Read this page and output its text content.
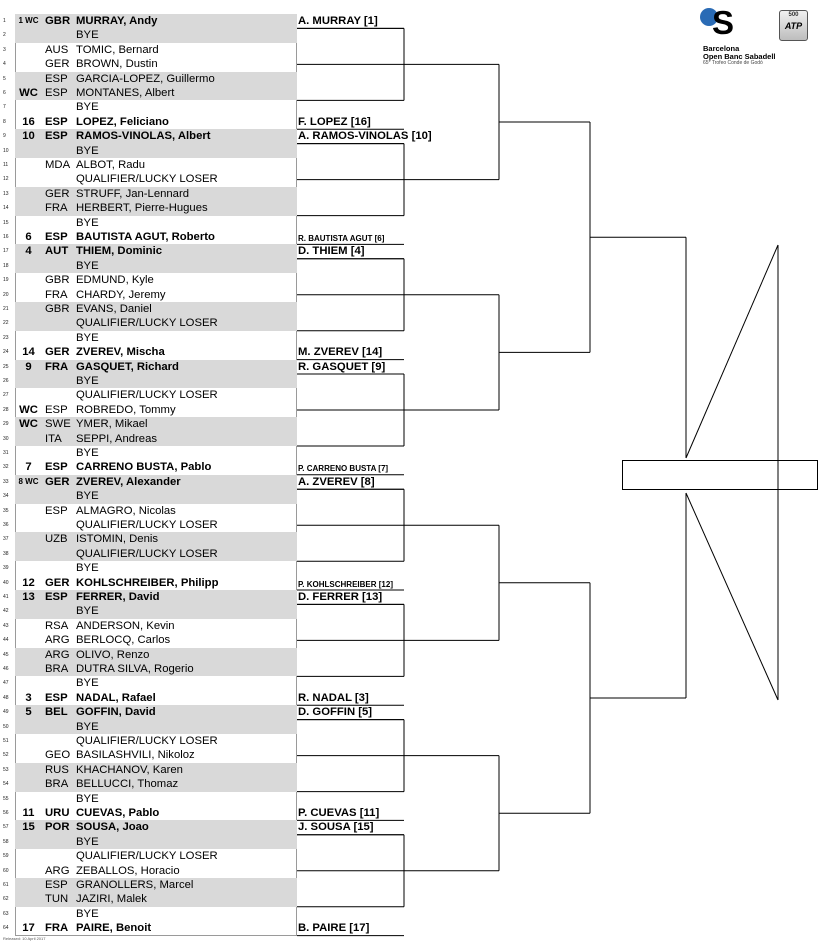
1	1 WC GBR MURRAY, Andy
2	BYE
3	AUS TOMIC, Bernard
4	GER BROWN, Dustin
5	ESP GARCIA-LOPEZ, Guillermo
6	WC ESP MONTANES, Albert
7	BYE
8	16 ESP LOPEZ, Feliciano
9	10 ESP RAMOS-VINOLAS, Albert
10	BYE
11	MDA ALBOT, Radu
12	QUALIFIER/LUCKY LOSER
13	GER STRUFF, Jan-Lennard
14	FRA HERBERT, Pierre-Hugues
15	BYE
16	6	ESP BAUTISTA AGUT, Roberto
17	4	AUT THIEM, Dominic
18	BYE
19	GBR EDMUND, Kyle
20	FRA CHARDY, Jeremy
21	GBR EVANS, Daniel
22	QUALIFIER/LUCKY LOSER
23	BYE
24	14 GER ZVEREV, Mischa
25	9	FRA GASQUET, Richard
26	BYE
27	QUALIFIER/LUCKY LOSER
28 WC ESP ROBREDO, Tommy
29 WC SWE YMER, Mikael
30	ITA	SEPPI, Andreas
31	BYE
32	7	ESP CARRENO BUSTA, Pablo
33	8 WC GER ZVEREV, Alexander
34	BYE
35	ESP ALMAGRO, Nicolas
36	QUALIFIER/LUCKY LOSER
37	UZB ISTOMIN, Denis
38	QUALIFIER/LUCKY LOSER
39	BYE
40	12 GER KOHLSCHREIBER, Philipp
41	13 ESP FERRER, David
42	BYE
43	RSA ANDERSON, Kevin
44	ARG BERLOCQ, Carlos
45	ARG OLIVO, Renzo
46	BRA DUTRA SILVA, Rogerio
47	BYE
48	3	ESP NADAL, Rafael
49	5	BEL GOFFIN, David
50	BYE
51	QUALIFIER/LUCKY LOSER
52	GEO BASILASHVILI, Nikoloz
53	RUS KHACHANOV, Karen
54	BRA BELLUCCI, Thomaz
55	BYE
56	11 URU CUEVAS, Pablo
57	15 POR SOUSA, Joao
58	BYE
59	QUALIFIER/LUCKY LOSER
60	ARG ZEBALLOS, Horacio
61	ESP GRANOLLERS, Marcel
62	TUN JAZIRI, Malek
63	BYE
64	17 FRA PAIRE, Benoit
A. MURRAY [1]
F. LOPEZ [16]
A. RAMOS-VINOLAS [10]
R. BAUTISTA AGUT [6]
D. THIEM [4]
M. ZVEREV [14]
R. GASQUET [9]
P. CARRENO BUSTA [7]
A. ZVEREV [8]
P. KOHLSCHREIBER [12]
D. FERRER [13]
R. NADAL [3]
D. GOFFIN [5]
P. CUEVAS [11]
J. SOUSA [15]
B. PAIRE [17]
S
Barcelona
Open Banc Sabadell
65° Trofeo Conde de Godó
500
ATP
Released: 10 April 2017
